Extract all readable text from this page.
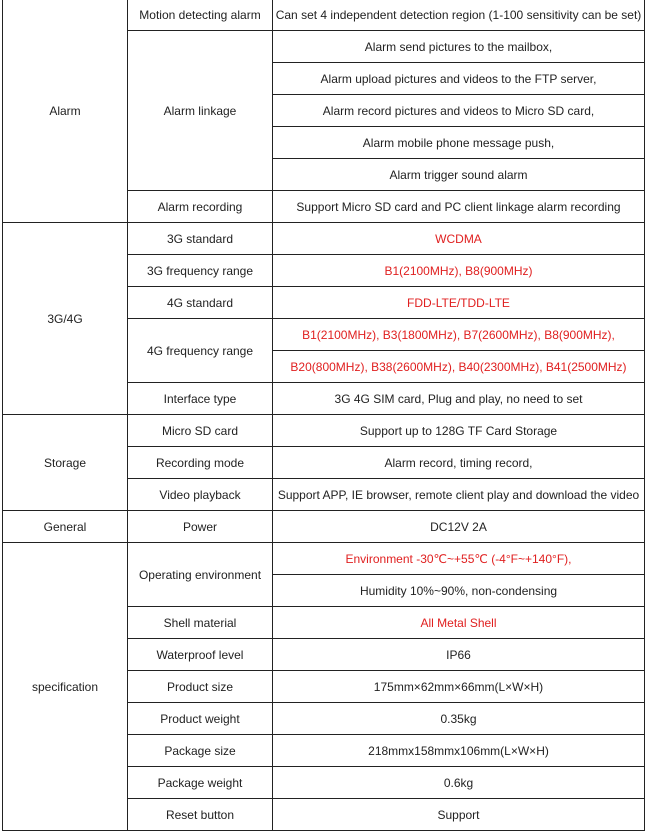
Alarm	Motion detecting alarm	Can set 4 independent detection region (1-100 sensitivity can be set)
	Alarm linkage	Alarm send pictures to the mailbox,
		Alarm upload pictures and videos to the FTP server,
		Alarm record pictures and videos to Micro SD card,
		Alarm mobile phone message push,
		Alarm trigger sound alarm
	Alarm recording	Support Micro SD card and PC client linkage alarm recording
3G/4G	3G standard	WCDMA
	3G frequency range	B1(2100MHz), B8(900MHz)
	4G standard	FDD-LTE/TDD-LTE
	4G frequency range	B1(2100MHz), B3(1800MHz), B7(2600MHz), B8(900MHz),
		B20(800MHz), B38(2600MHz), B40(2300MHz), B41(2500MHz)
	Interface type	3G 4G SIM card, Plug and play, no need to set
Storage	Micro SD card	Support up to 128G TF Card Storage
	Recording mode	Alarm record, timing record,
	Video playback	Support APP, IE browser, remote client play and download the video
General	Power	DC12V 2A
specification	Operating environment	Environment -30℃~+55℃ (-4°F~+140°F),
		Humidity 10%~90%, non-condensing
	Shell material	All Metal Shell
	Waterproof level	IP66
	Product size	175mm×62mm×66mm(L×W×H)
	Product weight	0.35kg
	Package size	218mmx158mmx106mm(L×W×H)
	Package weight	0.6kg
	Reset button	Support
